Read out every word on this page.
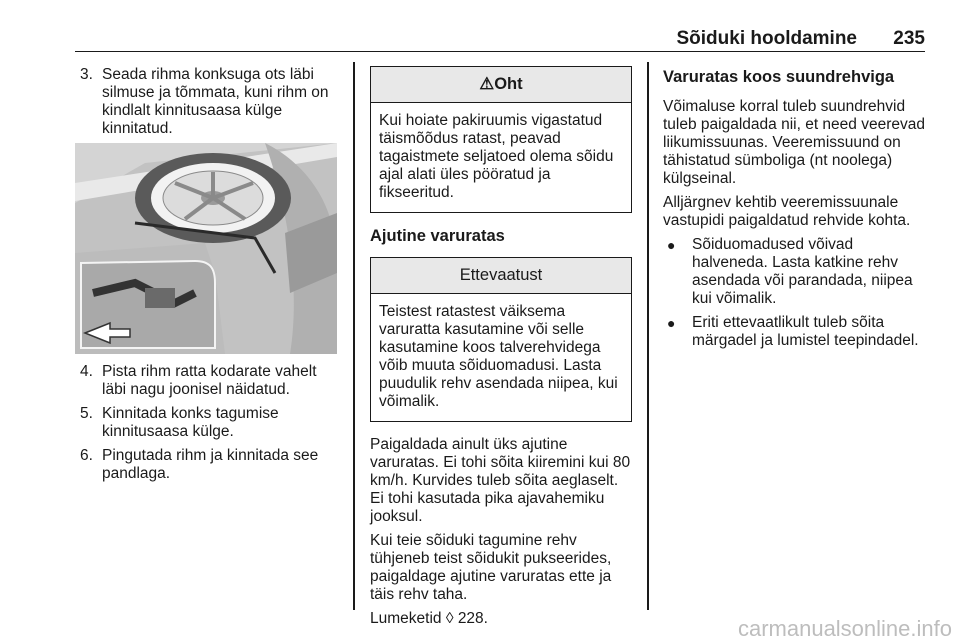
Sõiduki hooldamine 235
3. Seada rihma konksuga ots läbi silmuse ja tõmmata, kuni rihm on kindlalt kinnitusaasa külge kinnitatud.
4. Pista rihm ratta kodarate vahelt läbi nagu joonisel näidatud.
5. Kinnitada konks tagumise kinnitusaasa külge.
6. Pingutada rihm ja kinnitada see pandlaga.
⚠Oht
Kui hoiate pakiruumis vigastatud täismõõdus ratast, peavad tagaistmete seljatoed olema sõidu ajal alati üles pööratud ja fikseeritud.
Ajutine varuratas
Ettevaatust
Teistest ratastest väiksema varuratta kasutamine või selle kasutamine koos talverehvidega võib muuta sõiduomadusi. Lasta puudulik rehv asendada niipea, kui võimalik.

Paigaldada ainult üks ajutine varuratas. Ei tohi sõita kiiremini kui 80 km/h. Kurvides tuleb sõita aeglaselt. Ei tohi kasutada pika ajavahemiku jooksul.

Kui teie sõiduki tagumine rehv tühjeneb teist sõidukit pukseerides, paigaldage ajutine varuratas ette ja täis rehv taha.

Lumeketid ◊ 228.

Varuratas koos suundrehviga

Võimaluse korral tuleb suundrehvid tuleb paigaldada nii, et need veerevad liikumissuunas. Veeremissuund on tähistatud sümboliga (nt noolega) külgseinal.

Alljärgnev kehtib veeremissuunale vastupidi paigaldatud rehvide kohta.

●	Sõiduomadused võivad halveneda. Lasta katkine rehv asendada või parandada, niipea kui võimalik.
●	Eriti ettevaatlikult tuleb sõita märgadel ja lumistel teepindadel.
carmanualsonline.info
